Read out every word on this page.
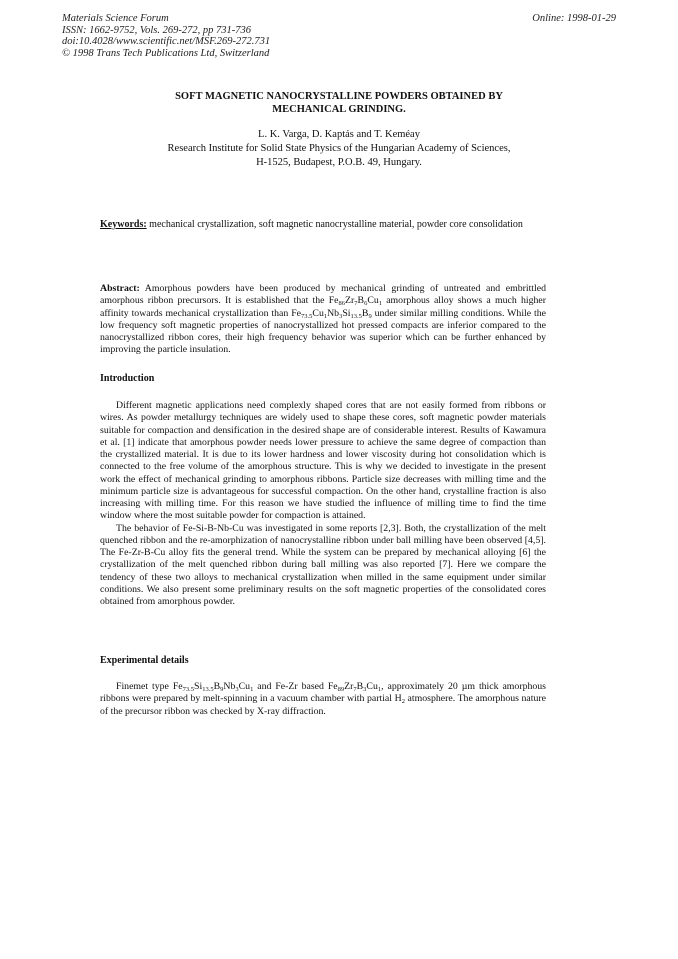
Materials Science Forum
ISSN: 1662-9752, Vols. 269-272, pp 731-736
doi:10.4028/www.scientific.net/MSF.269-272.731
© 1998 Trans Tech Publications Ltd, Switzerland
Online: 1998-01-29
SOFT MAGNETIC NANOCRYSTALLINE POWDERS OBTAINED BY
MECHANICAL GRINDING.
L. K. Varga, D. Kaptás and T. Keméay
Research Institute for Solid State Physics of the Hungarian Academy of Sciences,
H-1525, Budapest, P.O.B. 49, Hungary.
Keywords: mechanical crystallization, soft magnetic nanocrystalline material, powder core consolidation

Abstract: Amorphous powders have been produced by mechanical grinding of untreated and embrittled amorphous ribbon precursors. It is established that the $Fe_{86}Zr_7B_6Cu_1$ amorphous alloy shows a much higher affinity towards mechanical crystallization than $Fe_{73.5}Cu_1Nb_3Si_{13.5}B_9$ under similar milling conditions. While the low frequency soft magnetic properties of nanocrystallized hot pressed compacts are inferior compared to the nanocrystallized ribbon cores, their high frequency behavior was superior which can be further enhanced by improving the particle insulation.

Introduction

Different magnetic applications need complexly shaped cores that are not easily formed from ribbons or wires. As powder metallurgy techniques are widely used to shape these cores, soft magnetic powder materials suitable for compaction and densification in the desired shape are of considerable interest. Results of Kawamura et al. [1] indicate that amorphous powder needs lower pressure to achieve the same degree of compaction than the crystallized material. It is due to its lower hardness and lower viscosity during hot consolidation which is connected to the free volume of the amorphous structure. This is why we decided to investigate in the present work the effect of mechanical grinding to amorphous ribbons. Particle size decreases with milling time and the minimum particle size is advantageous for successful compaction. On the other hand, crystalline fraction is also increasing with milling time. For this reason we have studied the influence of milling time to find the time window where the most suitable powder for compaction is attained.

The behavior of Fe-Si-B-Nb-Cu was investigated in some reports [2,3]. Both, the crystallization of the melt quenched ribbon and the re-amorphization of nanocrystalline ribbon under ball milling have been observed [4,5]. The Fe-Zr-B-Cu alloy fits the general trend. While the system can be prepared by mechanical alloying [6] the crystallization of the melt quenched ribbon during ball milling was also reported [7]. Here we compare the tendency of these two alloys to mechanical crystallization when milled in the same equipment under similar conditions. We also present some preliminary results on the soft magnetic properties of the consolidated cores obtained from amorphous powder.

Experimental details

Finemet type $Fe_{73.5}Si_{13.5}B_9Nb_3Cu_1$ and Fe-Zr based $Fe_{89}Zr_7B_3Cu_1$, approximately 20 µm thick amorphous ribbons were prepared by melt-spinning in a vacuum chamber with partial $H_2$ atmosphere. The amorphous nature of the precursor ribbon was checked by X-ray diffraction.
